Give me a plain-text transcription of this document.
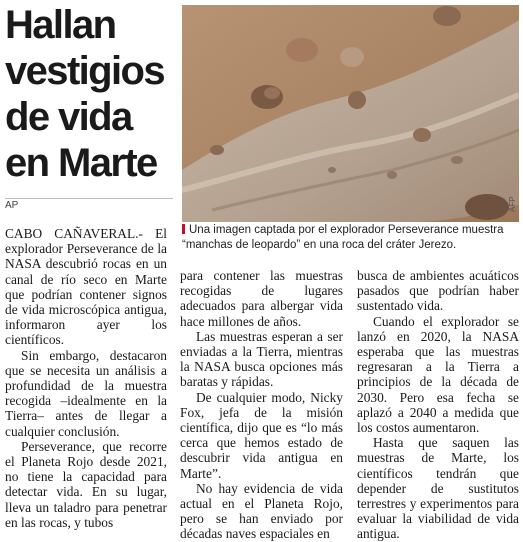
Hallan vestigios de vida en Marte
AFP
Una imagen captada por el explorador Perseverance muestra “manchas de leopardo” en una roca del cráter Jerezo.
AP

CABO CAÑAVERAL.- El explorador Perseverance de la NASA descubrió rocas en un canal de río seco en Marte que podrían contener signos de vida microscópica antigua, informaron ayer los científicos.

Sin embargo, destacaron que se necesita un análisis a profundidad de la muestra recogida –idealmente en la Tierra– antes de llegar a cualquier conclusión.

Perseverance, que recorre el Planeta Rojo desde 2021, no tiene la capacidad para detectar vida. En su lugar, lleva un taladro para penetrar en las rocas, y tubos

para contener las muestras recogidas de lugares adecuados para albergar vida hace millones de años.

Las muestras esperan a ser enviadas a la Tierra, mientras la NASA busca opciones más baratas y rápidas.

De cualquier modo, Nicky Fox, jefa de la misión científica, dijo que es “lo más cerca que hemos estado de descubrir vida antigua en Marte”.

No hay evidencia de vida actual en el Planeta Rojo, pero se han enviado por décadas naves espaciales en

busca de ambientes acuáticos pasados que podrían haber sustentado vida.

Cuando el explorador se lanzó en 2020, la NASA esperaba que las muestras regresaran a la Tierra a principios de la década de 2030. Pero esa fecha se aplazó a 2040 a medida que los costos aumentaron.

Hasta que saquen las muestras de Marte, los científicos tendrán que depender de sustitutos terrestres y experimentos para evaluar la viabilidad de vida antigua.
